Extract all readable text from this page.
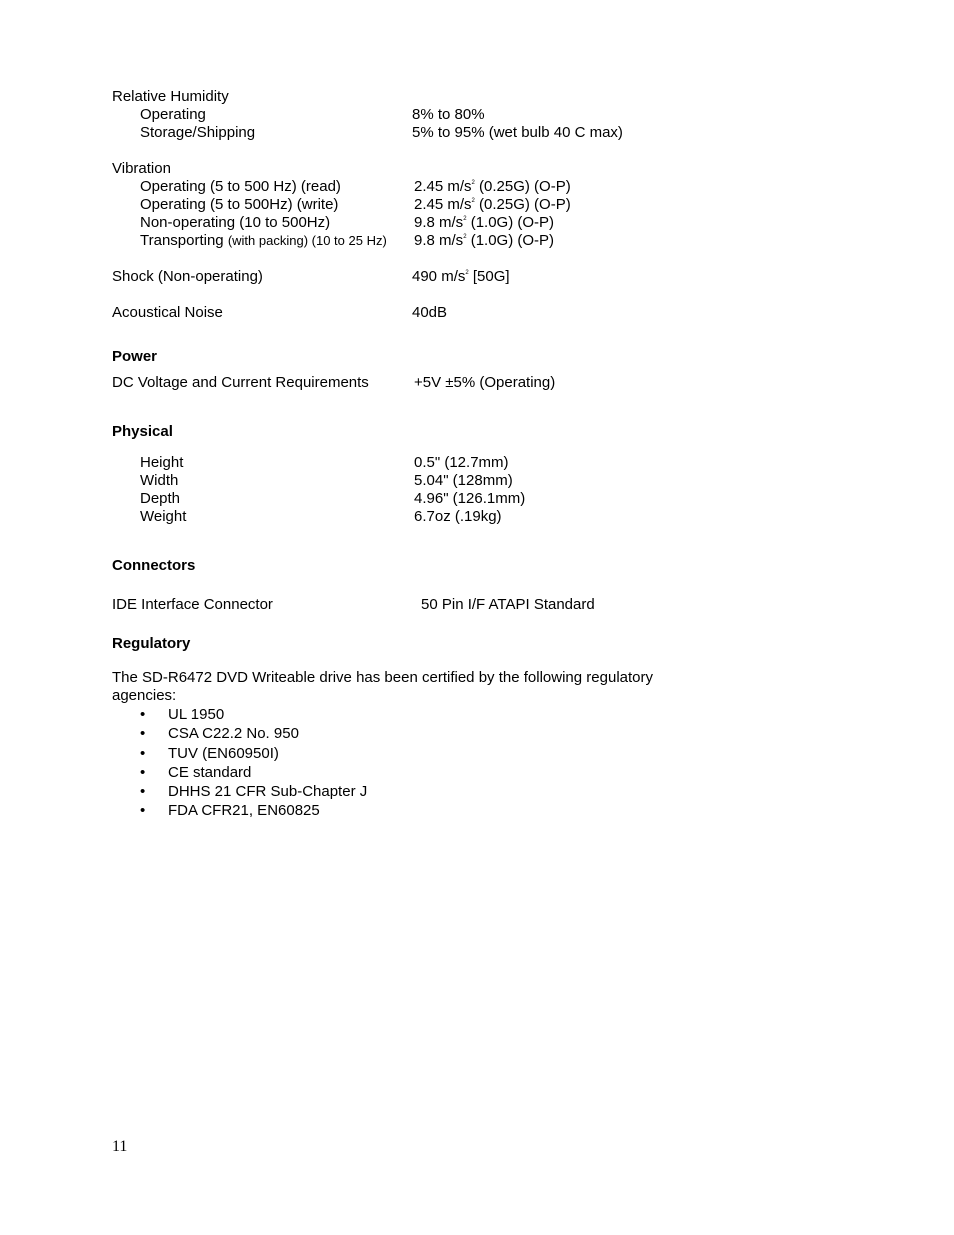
Relative Humidity
Operating	8% to 80%
Storage/Shipping	5% to 95% (wet bulb 40 C max)
Vibration
Operating (5 to 500 Hz) (read)	2.45 $m/s^2$ (0.25G) (O-P)
Operating (5 to 500Hz) (write)	2.45 $m/s^2$ (0.25G) (O-P)
Non-operating (10 to 500Hz)	9.8 $m/s^2$ (1.0G) (O-P)
Transporting (with packing) (10 to 25 Hz) 9.8 $m/s^2$ (1.0G) (O-P)
Shock (Non-operating)	490 $m/s^2$ [50G]
Acoustical Noise	40dB
Power
DC Voltage and Current Requirements	+5V ±5% (Operating)
Physical
Height	0.5" (12.7mm)
Width	5.04" (128mm)
Depth	4.96" (126.1mm)
Weight	6.7oz (.19kg)
Connectors
IDE Interface Connector	50 Pin I/F ATAPI Standard
Regulatory
The SD-R6472 DVD Writeable drive has been certified by the following regulatory agencies:
• UL 1950
• CSA C22.2 No. 950
• TUV (EN60950I)
• CE standard
• DHHS 21 CFR Sub-Chapter J
• FDA CFR21, EN60825
11
